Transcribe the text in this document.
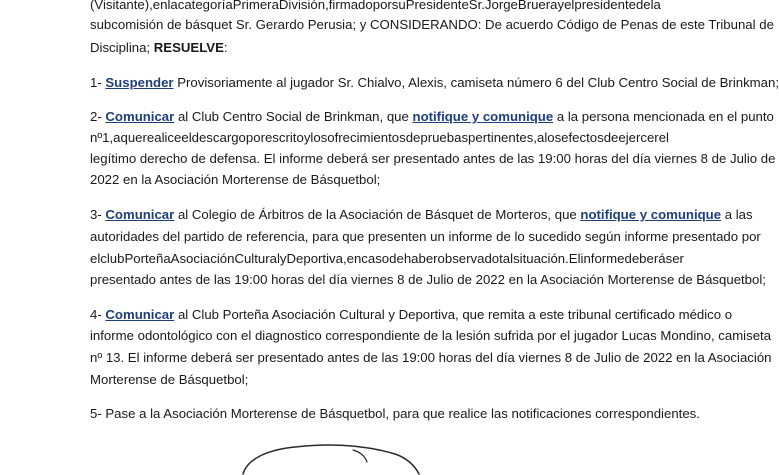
(Visitante), en la categoría Primera División, firmado por su Presidente Sr. Jorge Bruera y el presidente de la
subcomisión de básquet Sr. Gerardo Perusia; y CONSIDERANDO: De acuerdo Código de Penas de este Tribunal de
Disciplina; RESUELVE:
1- Suspender Provisoriamente al jugador Sr. Chialvo, Alexis, camiseta número 6 del Club Centro Social de Brinkman;
2- Comunicar al Club Centro Social de Brinkman, que notifique y comunique a la persona mencionada en el punto
nº 1, a que realice el descargo por escrito y los ofrecimientos de pruebas pertinentes, a los efectos de ejercer el
legítimo derecho de defensa. El informe deberá ser presentado antes de las 19:00 horas del día viernes 8 de Julio de
2022 en la Asociación Morterense de Básquetbol;
3- Comunicar al Colegio de Árbitros de la Asociación de Básquet de Morteros, que notifique y comunique a las
autoridades del partido de referencia, para que presenten un informe de lo sucedido según informe presentado por
el club Porteña Asociación Cultural y Deportiva, en caso de haber observado tal situación. El informe deberá ser
presentado antes de las 19:00 horas del día viernes 8 de Julio de 2022 en la Asociación Morterense de Básquetbol;
4- Comunicar al Club Porteña Asociación Cultural y Deportiva, que remita a este tribunal certificado médico o
informe odontológico con el diagnostico correspondiente de la lesión sufrida por el jugador Lucas Mondino, camiseta
nº 13. El informe deberá ser presentado antes de las 19:00 horas del día viernes 8 de Julio de 2022 en la Asociación
Morterense de Básquetbol;
5- Pase a la Asociación Morterense de Básquetbol, para que realice las notificaciones correspondientes.
